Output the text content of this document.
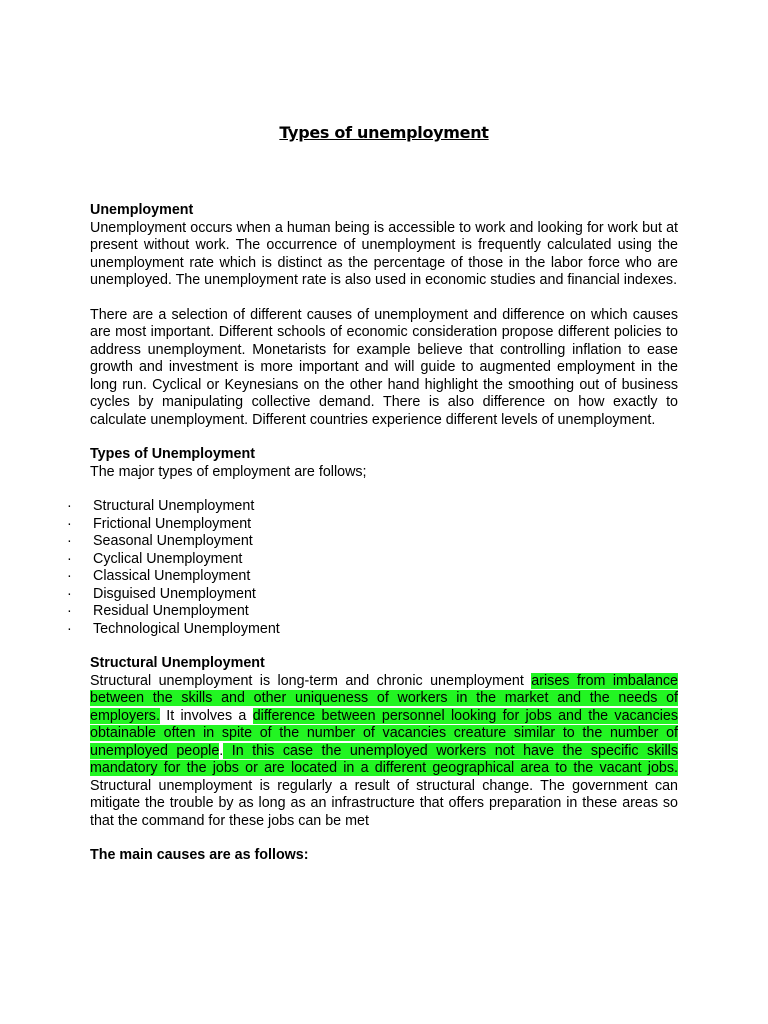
Types of unemployment

Unemployment

Unemployment occurs when a human being is accessible to work and looking for work but at present without work. The occurrence of unemployment is frequently calculated using the unemployment rate which is distinct as the percentage of those in the labor force who are unemployed. The unemployment rate is also used in economic studies and financial indexes.

There are a selection of different causes of unemployment and difference on which causes are most important. Different schools of economic consideration propose different policies to address unemployment. Monetarists for example believe that controlling inflation to ease growth and investment is more important and will guide to augmented employment in the long run. Cyclical or Keynesians on the other hand highlight the smoothing out of business cycles by manipulating collective demand. There is also difference on how exactly to calculate unemployment. Different countries experience different levels of unemployment.

Types of Unemployment

The major types of employment are follows;

·	Structural Unemployment
·	Frictional Unemployment
·	Seasonal Unemployment
·	Cyclical Unemployment
·	Classical Unemployment
·	Disguised Unemployment
·	Residual Unemployment
·	Technological Unemployment

Structural Unemployment

Structural unemployment is long-term and chronic unemployment arises from imbalance between the skills and other uniqueness of workers in the market and the needs of employers. It involves a difference between personnel looking for jobs and the vacancies obtainable often in spite of the number of vacancies creature similar to the number of unemployed people. In this case the unemployed workers not have the specific skills mandatory for the jobs or are located in a different geographical area to the vacant jobs. Structural unemployment is regularly a result of structural change. The government can mitigate the trouble by as long as an infrastructure that offers preparation in these areas so that the command for these jobs can be met

The main causes are as follows:
